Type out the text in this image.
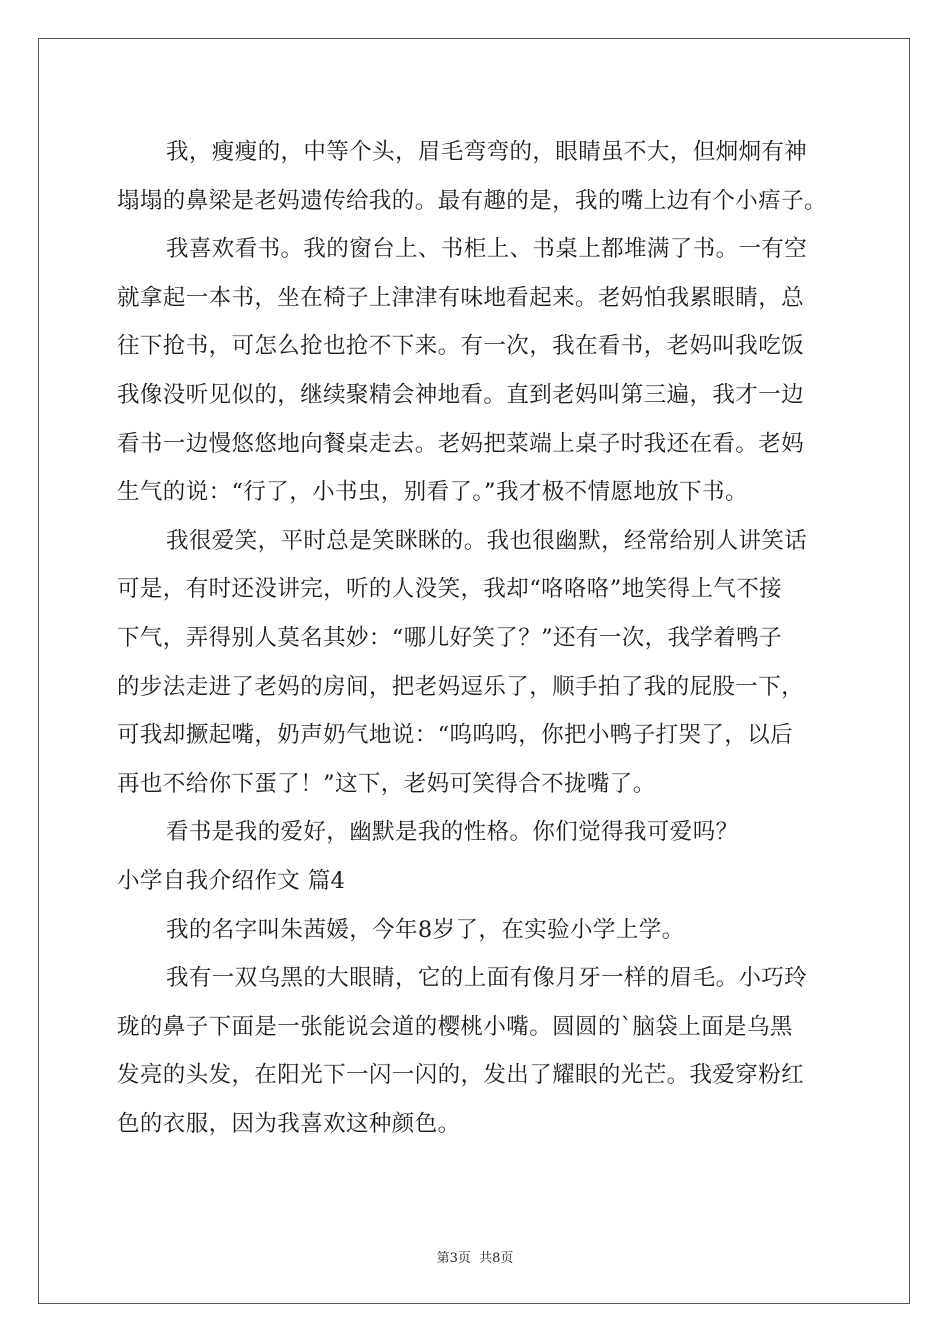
我，瘦瘦的，中等个头，眉毛弯弯的，眼睛虽不大，但炯炯有神
塌塌的鼻梁是老妈遗传给我的。最有趣的是，我的嘴上边有个小痦子。
我喜欢看书。我的窗台上、书柜上、书桌上都堆满了书。一有空
就拿起一本书，坐在椅子上津津有味地看起来。老妈怕我累眼睛，总
往下抢书，可怎么抢也抢不下来。有一次，我在看书，老妈叫我吃饭
我像没听见似的，继续聚精会神地看。直到老妈叫第三遍，我才一边
看书一边慢悠悠地向餐桌走去。老妈把菜端上桌子时我还在看。老妈
生气的说：“行了，小书虫，别看了。”我才极不情愿地放下书。
我很爱笑，平时总是笑眯眯的。我也很幽默，经常给别人讲笑话
可是，有时还没讲完，听的人没笑，我却“咯咯咯”地笑得上气不接
下气，弄得别人莫名其妙：“哪儿好笑了？”还有一次，我学着鸭子
的步法走进了老妈的房间，把老妈逗乐了，顺手拍了我的屁股一下，
可我却撅起嘴，奶声奶气地说：“呜呜呜，你把小鸭子打哭了，以后
再也不给你下蛋了！”这下，老妈可笑得合不拢嘴了。
看书是我的爱好，幽默是我的性格。你们觉得我可爱吗？
小学自我介绍作文 篇4
我的名字叫朱茜媛，今年8岁了，在实验小学上学。
我有一双乌黑的大眼睛，它的上面有像月牙一样的眉毛。小巧玲
珑的鼻子下面是一张能说会道的樱桃小嘴。圆圆的`脑袋上面是乌黑
发亮的头发，在阳光下一闪一闪的，发出了耀眼的光芒。我爱穿粉红
色的衣服，因为我喜欢这种颜色。
第3页 共8页
